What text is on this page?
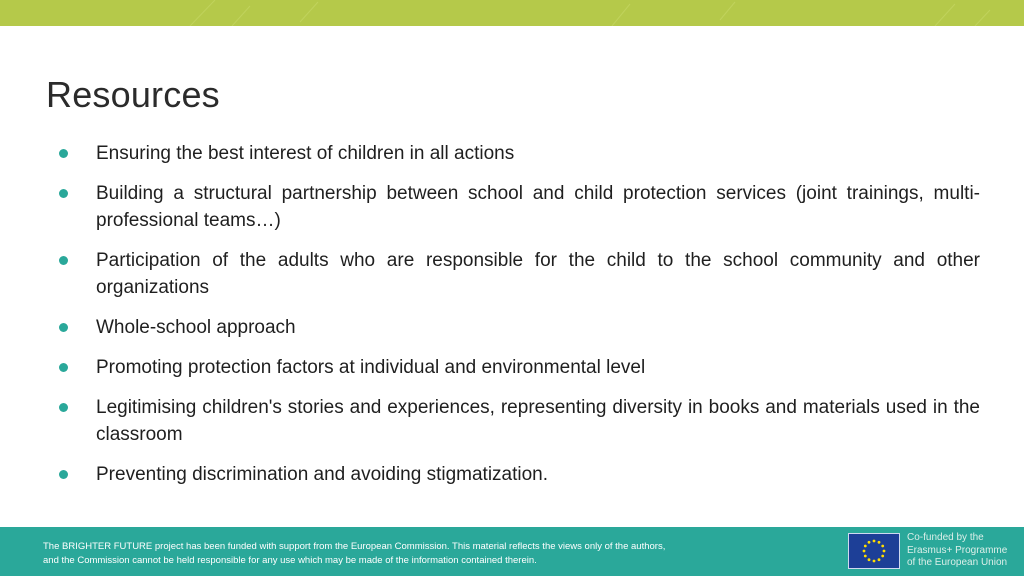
Resources
Ensuring the best interest of children in all actions
Building a structural partnership between school and child protection services (joint trainings, multi-professional teams…)
Participation of the adults who are responsible for the child to the school community and other organizations
Whole-school approach
Promoting protection factors at individual and environmental level
Legitimising children's stories and experiences, representing diversity in books and materials used in the classroom
Preventing discrimination and avoiding stigmatization.
The BRIGHTER FUTURE project has been funded with support from the European Commission. This material reflects the views only of the authors,
and the Commission cannot be held responsible for any use which may be made of the information contained therein.
Co-funded by the
Erasmus+ Programme
of the European Union
